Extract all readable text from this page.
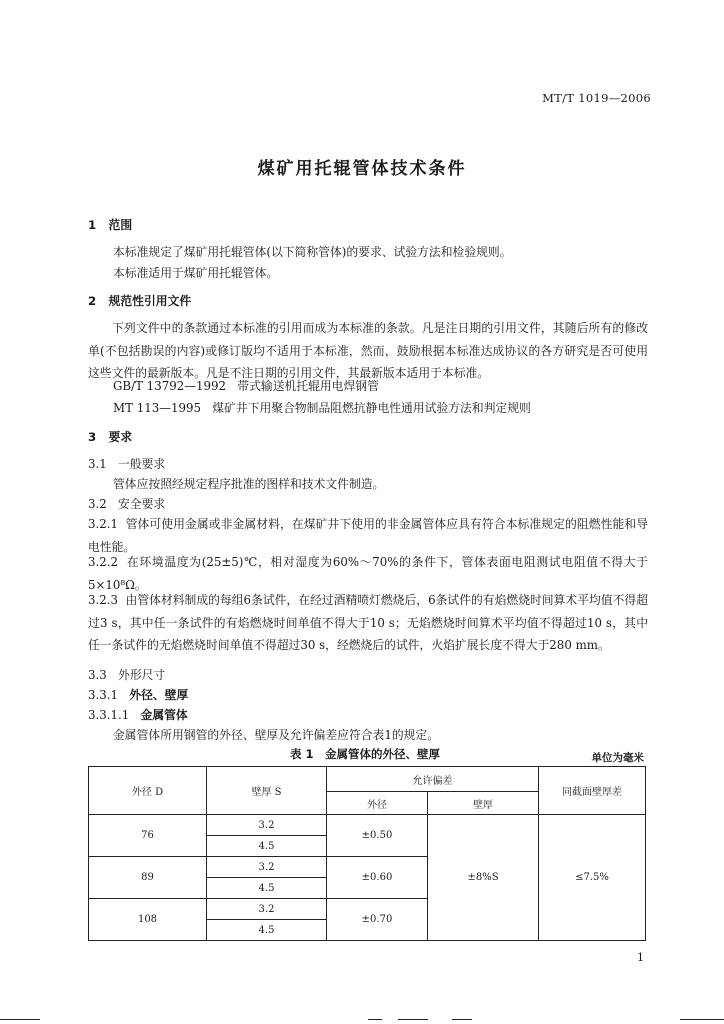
MT/T 1019—2006
煤矿用托辊管体技术条件
1 范围
本标准规定了煤矿用托辊管体(以下简称管体)的要求、试验方法和检验规则。
本标准适用于煤矿用托辊管体。
2 规范性引用文件
下列文件中的条款通过本标准的引用而成为本标准的条款。凡是注日期的引用文件，其随后所有的修改单(不包括勘误的内容)或修订版均不适用于本标准，然而，鼓励根据本标准达成协议的各方研究是否可使用这些文件的最新版本。凡是不注日期的引用文件，其最新版本适用于本标准。
GB/T 13792—1992 带式输送机托辊用电焊钢管
MT 113—1995 煤矿井下用聚合物制品阻燃抗静电性通用试验方法和判定规则
3 要求
3.1 一般要求
管体应按照经规定程序批准的图样和技术文件制造。
3.2 安全要求
3.2.1 管体可使用金属或非金属材料，在煤矿井下使用的非金属管体应具有符合本标准规定的阻燃性能和导电性能。
3.2.2 在环境温度为(25±5)℃，相对湿度为60%～70%的条件下，管体表面电阻测试电阻值不得大于5×10⁸Ω。
3.2.3 由管体材料制成的每组6条试件，在经过酒精喷灯燃烧后，6条试件的有焰燃烧时间算术平均值不得超过3 s，其中任一条试件的有焰燃烧时间单值不得大于10 s；无焰燃烧时间算术平均值不得超过10 s，其中任一条试件的无焰燃烧时间单值不得超过30 s，经燃烧后的试件，火焰扩展长度不得大于280 mm。
3.3 外形尺寸
3.3.1 外径、壁厚
3.3.1.1 金属管体
金属管体所用钢管的外径、壁厚及允许偏差应符合表1的规定。
表 1　金属管体的外径、壁厚	单位为毫米
外径 D	壁厚 S	允许偏差		同截面壁厚差
		外径	壁厚	
76	3.2	±0.50	±8%S	≤7.5%
	4.5			
89	3.2	±0.60		
	4.5			
108	3.2	±0.70		
	4.5			
1
